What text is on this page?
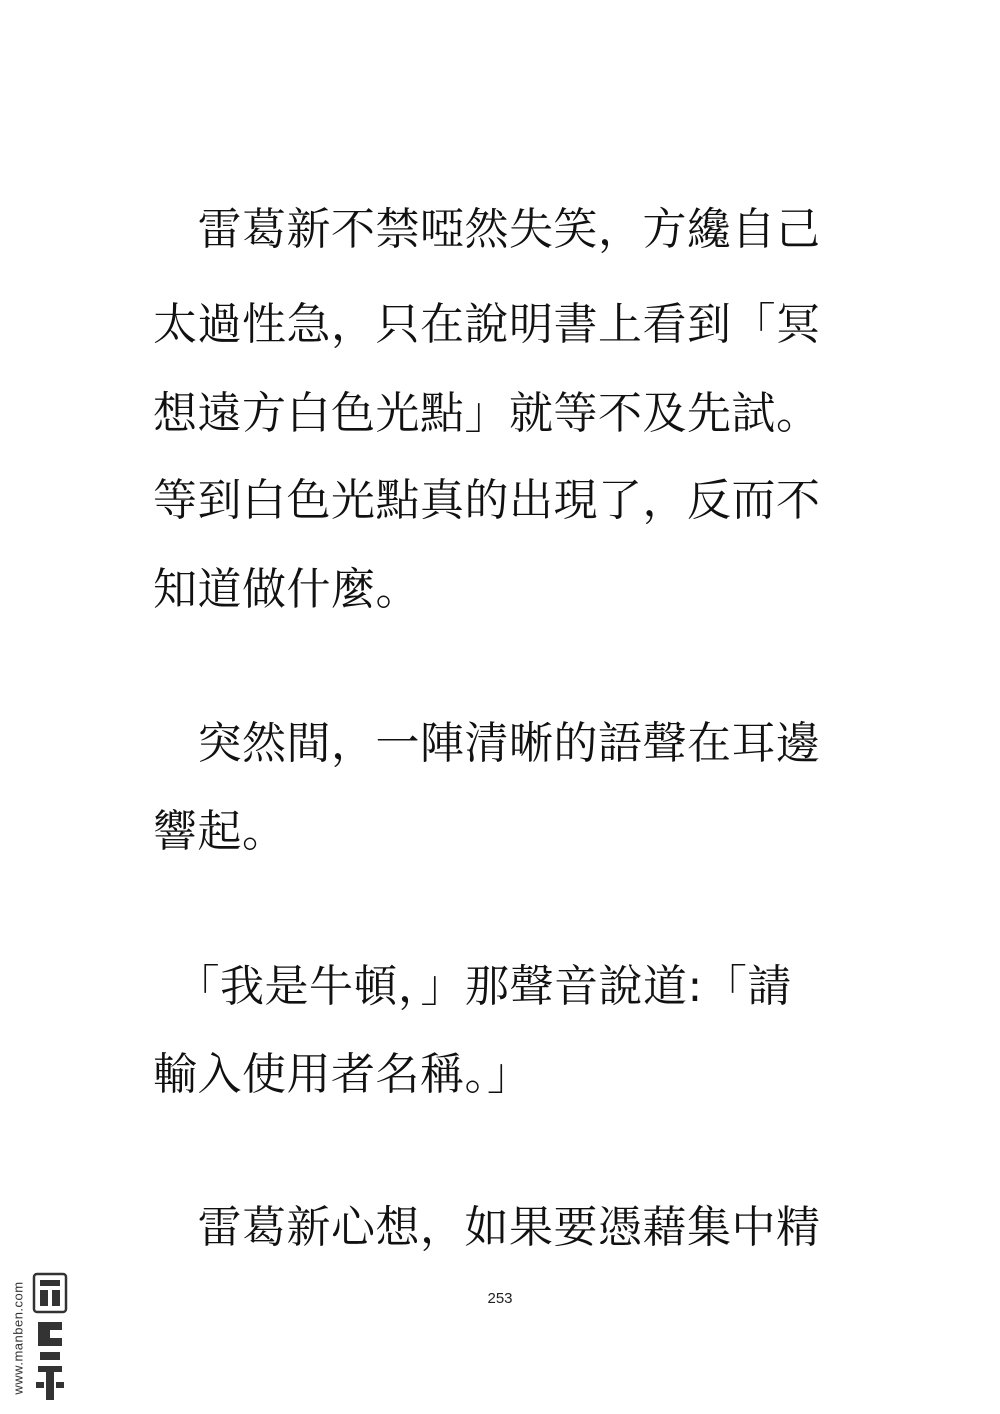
　雷葛新不禁啞然失笑，方纔自己
太過性急，只在說明書上看到「冥
想遠方白色光點」就等不及先試。
等到白色光點真的出現了，反而不
知道做什麼。
　突然間，一陣清晰的語聲在耳邊
響起。
　「我是牛頓，」那聲音說道:「請
輸入使用者名稱。」
　雷葛新心想，如果要憑藉集中精
253
www.manben.com
